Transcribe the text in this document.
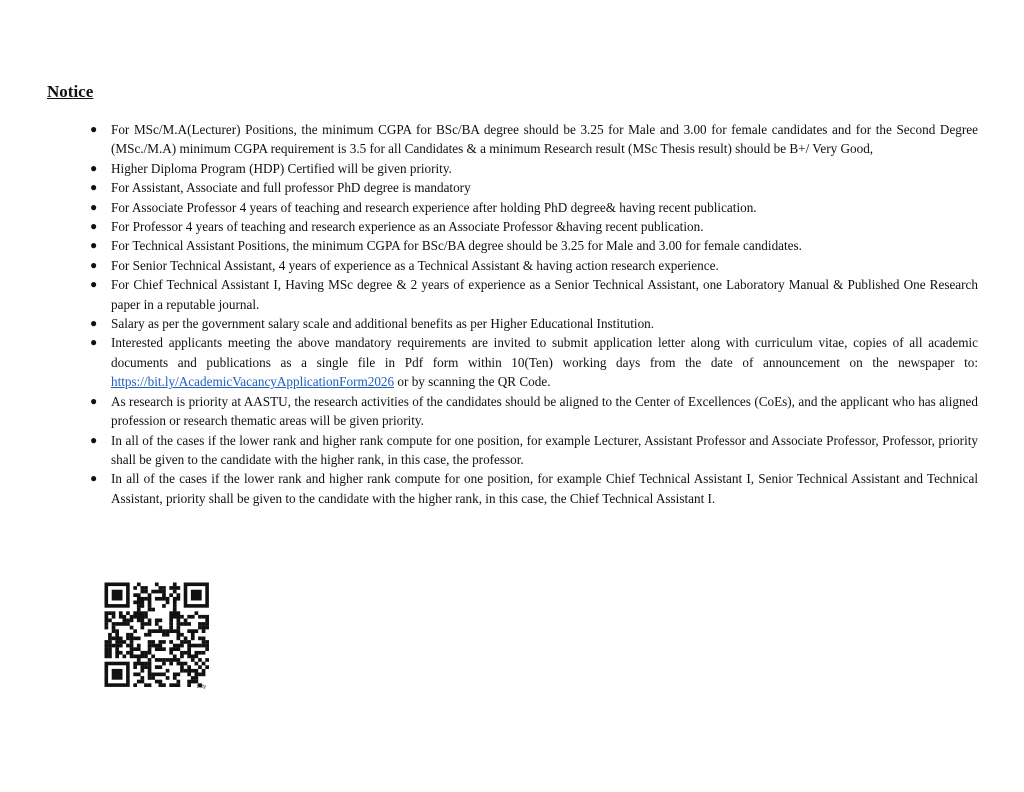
Notice
● For MSc/M.A(Lecturer) Positions, the minimum CGPA for BSc/BA degree should be 3.25 for Male and 3.00 for female candidates and for the Second Degree (MSc./M.A) minimum CGPA requirement is 3.5 for all Candidates & a minimum Research result (MSc Thesis result) should be B+/ Very Good,
● Higher Diploma Program (HDP) Certified will be given priority.
● For Assistant, Associate and full professor PhD degree is mandatory
● For Associate Professor 4 years of teaching and research experience after holding PhD degree& having recent publication.
● For Professor 4 years of teaching and research experience as an Associate Professor &having recent publication.
● For Technical Assistant Positions, the minimum CGPA for BSc/BA degree should be 3.25 for Male and 3.00 for female candidates.
● For Senior Technical Assistant, 4 years of experience as a Technical Assistant & having action research experience.
● For Chief Technical Assistant I, Having MSc degree & 2 years of experience as a Senior Technical Assistant, one Laboratory Manual & Published One Research paper in a reputable journal.
● Salary as per the government salary scale and additional benefits as per Higher Educational Institution.
● Interested applicants meeting the above mandatory requirements are invited to submit application letter along with curriculum vitae, copies of all academic documents and publications as a single file in Pdf form within 10(Ten) working days from the date of announcement on the newspaper to: https://bit.ly/AcademicVacancyApplicationForm2026 or by scanning the QR Code.
● As research is priority at AASTU, the research activities of the candidates should be aligned to the Center of Excellences (CoEs), and the applicant who has aligned profession or research thematic areas will be given priority.
● In all of the cases if the lower rank and higher rank compute for one position, for example Lecturer, Assistant Professor and Associate Professor, Professor, priority shall be given to the candidate with the higher rank, in this case, the professor.
● In all of the cases if the lower rank and higher rank compute for one position, for example Chief Technical Assistant I, Senior Technical Assistant and Technical Assistant, priority shall be given to the candidate with the higher rank, in this case, the Chief Technical Assistant I.
bitly
